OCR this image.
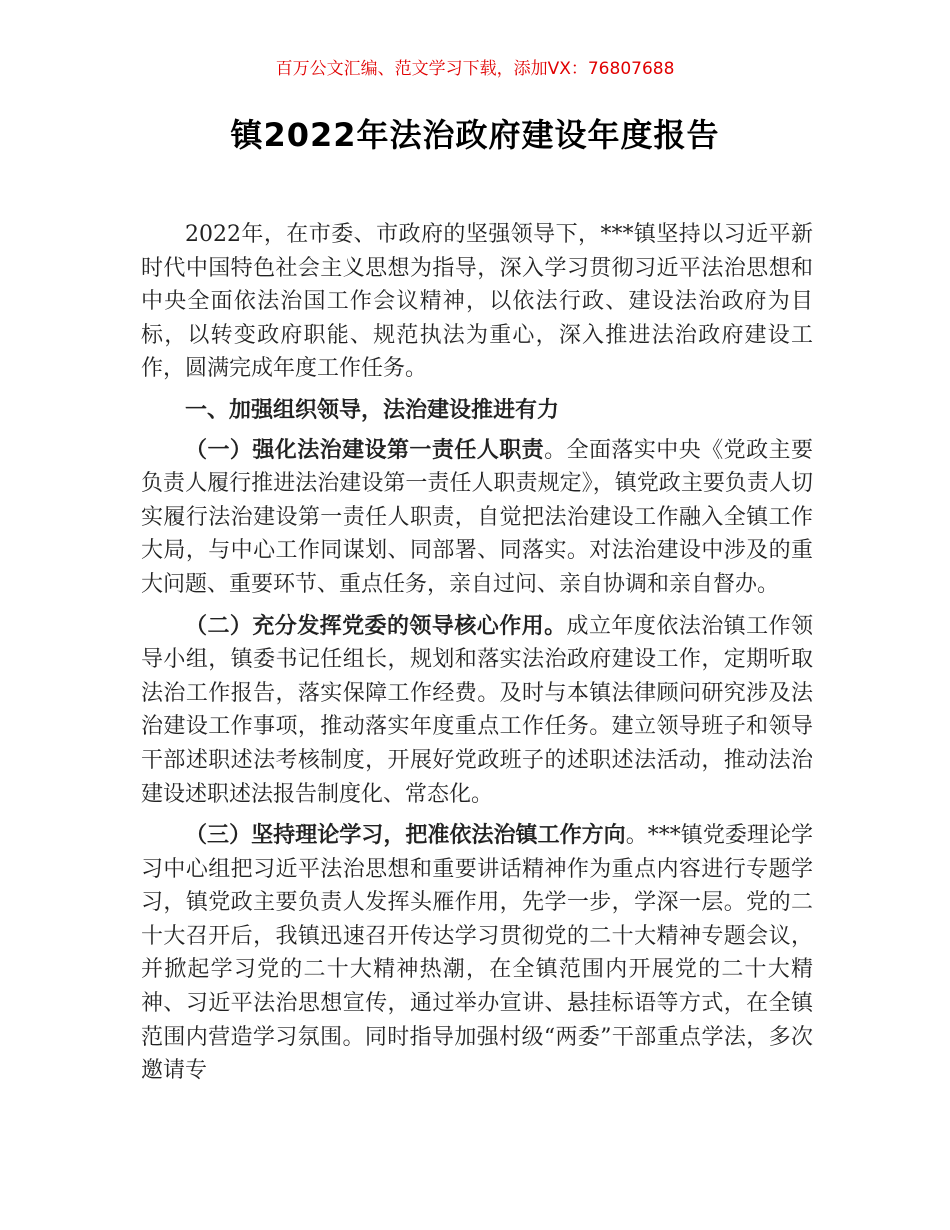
百万公文汇编、范文学习下载，添加VX：76807688
镇2022年法治政府建设年度报告

2022年，在市委、市政府的坚强领导下，***镇坚持以习近平新时代中国特色社会主义思想为指导，深入学习贯彻习近平法治思想和中央全面依法治国工作会议精神，以依法行政、建设法治政府为目标，以转变政府职能、规范执法为重心，深入推进法治政府建设工作，圆满完成年度工作任务。

一、加强组织领导，法治建设推进有力

（一）强化法治建设第一责任人职责。全面落实中央《党政主要负责人履行推进法治建设第一责任人职责规定》，镇党政主要负责人切实履行法治建设第一责任人职责，自觉把法治建设工作融入全镇工作大局，与中心工作同谋划、同部署、同落实。对法治建设中涉及的重大问题、重要环节、重点任务，亲自过问、亲自协调和亲自督办。

（二）充分发挥党委的领导核心作用。成立年度依法治镇工作领导小组，镇委书记任组长，规划和落实法治政府建设工作，定期听取法治工作报告，落实保障工作经费。及时与本镇法律顾问研究涉及法治建设工作事项，推动落实年度重点工作任务。建立领导班子和领导干部述职述法考核制度，开展好党政班子的述职述法活动，推动法治建设述职述法报告制度化、常态化。

（三）坚持理论学习，把准依法治镇工作方向。***镇党委理论学习中心组把习近平法治思想和重要讲话精神作为重点内容进行专题学习，镇党政主要负责人发挥头雁作用，先学一步，学深一层。党的二十大召开后，我镇迅速召开传达学习贯彻党的二十大精神专题会议，并掀起学习党的二十大精神热潮，在全镇范围内开展党的二十大精神、习近平法治思想宣传，通过举办宣讲、悬挂标语等方式，在全镇范围内营造学习氛围。同时指导加强村级“两委”干部重点学法，多次邀请专
